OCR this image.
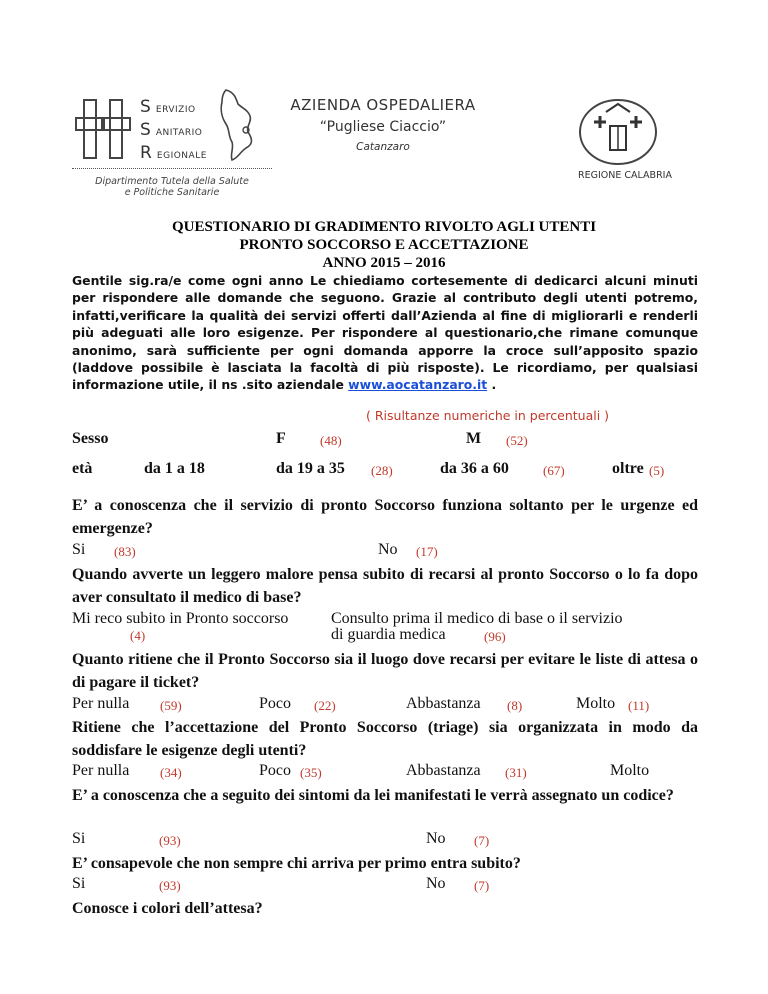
S ERVIZIO
S ANITARIO
R EGIONALE
Dipartimento Tutela della Salute
e Politiche Sanitarie
AZIENDA OSPEDALIERA
“Pugliese Ciaccio”
Catanzaro
REGIONE CALABRIA
QUESTIONARIO DI GRADIMENTO RIVOLTO AGLI UTENTI
PRONTO SOCCORSO E ACCETTAZIONE
ANNO 2015 – 2016
Gentile sig.ra/e come ogni anno Le chiediamo cortesemente di dedicarci alcuni minuti per rispondere alle domande che seguono. Grazie al contributo degli utenti potremo, infatti,verificare la qualità dei servizi offerti dall’Azienda al fine di migliorarli e renderli più adeguati alle loro esigenze. Per rispondere al questionario,che rimane comunque anonimo, sarà sufficiente per ogni domanda apporre la croce sull’apposito spazio (laddove possibile è lasciata la facoltà di più risposte). Le ricordiamo, per qualsiasi informazione utile, il ns .sito aziendale www.aocatanzaro.it .
( Risultanze numeriche in percentuali )
Sesso	F	(48)	M (52)
età	da 1 a 18	da 19 a 35 (28)	da 36 a 60	(67)	oltre (5)
E’ a conoscenza che il servizio di pronto Soccorso funziona soltanto per le urgenze ed emergenze?
Si (83)	No (17)
Quando avverte un leggero malore pensa subito di recarsi al pronto Soccorso o lo fa dopo aver consultato il medico di base?
Mi reco subito in Pronto soccorso
(4)
Consulto prima il medico di base o il servizio
di guardia medica	(96)
Quanto ritiene che il Pronto Soccorso sia il luogo dove recarsi per evitare le liste di attesa o di pagare il ticket?
Per nulla (59)	Poco (22)	Abbastanza (8)	Molto (11)
Ritiene che l’accettazione del Pronto Soccorso (triage) sia organizzata in modo da soddisfare le esigenze degli utenti?
Per nulla (34)	Poco (35)	Abbastanza (31)	Molto
E’ a conoscenza che a seguito dei sintomi da lei manifestati le verrà assegnato un codice?
Si	(93)	No (7)
E’ consapevole che non sempre chi arriva per primo entra subito?
Si	(93)	No (7)
Conosce i colori dell’attesa?
